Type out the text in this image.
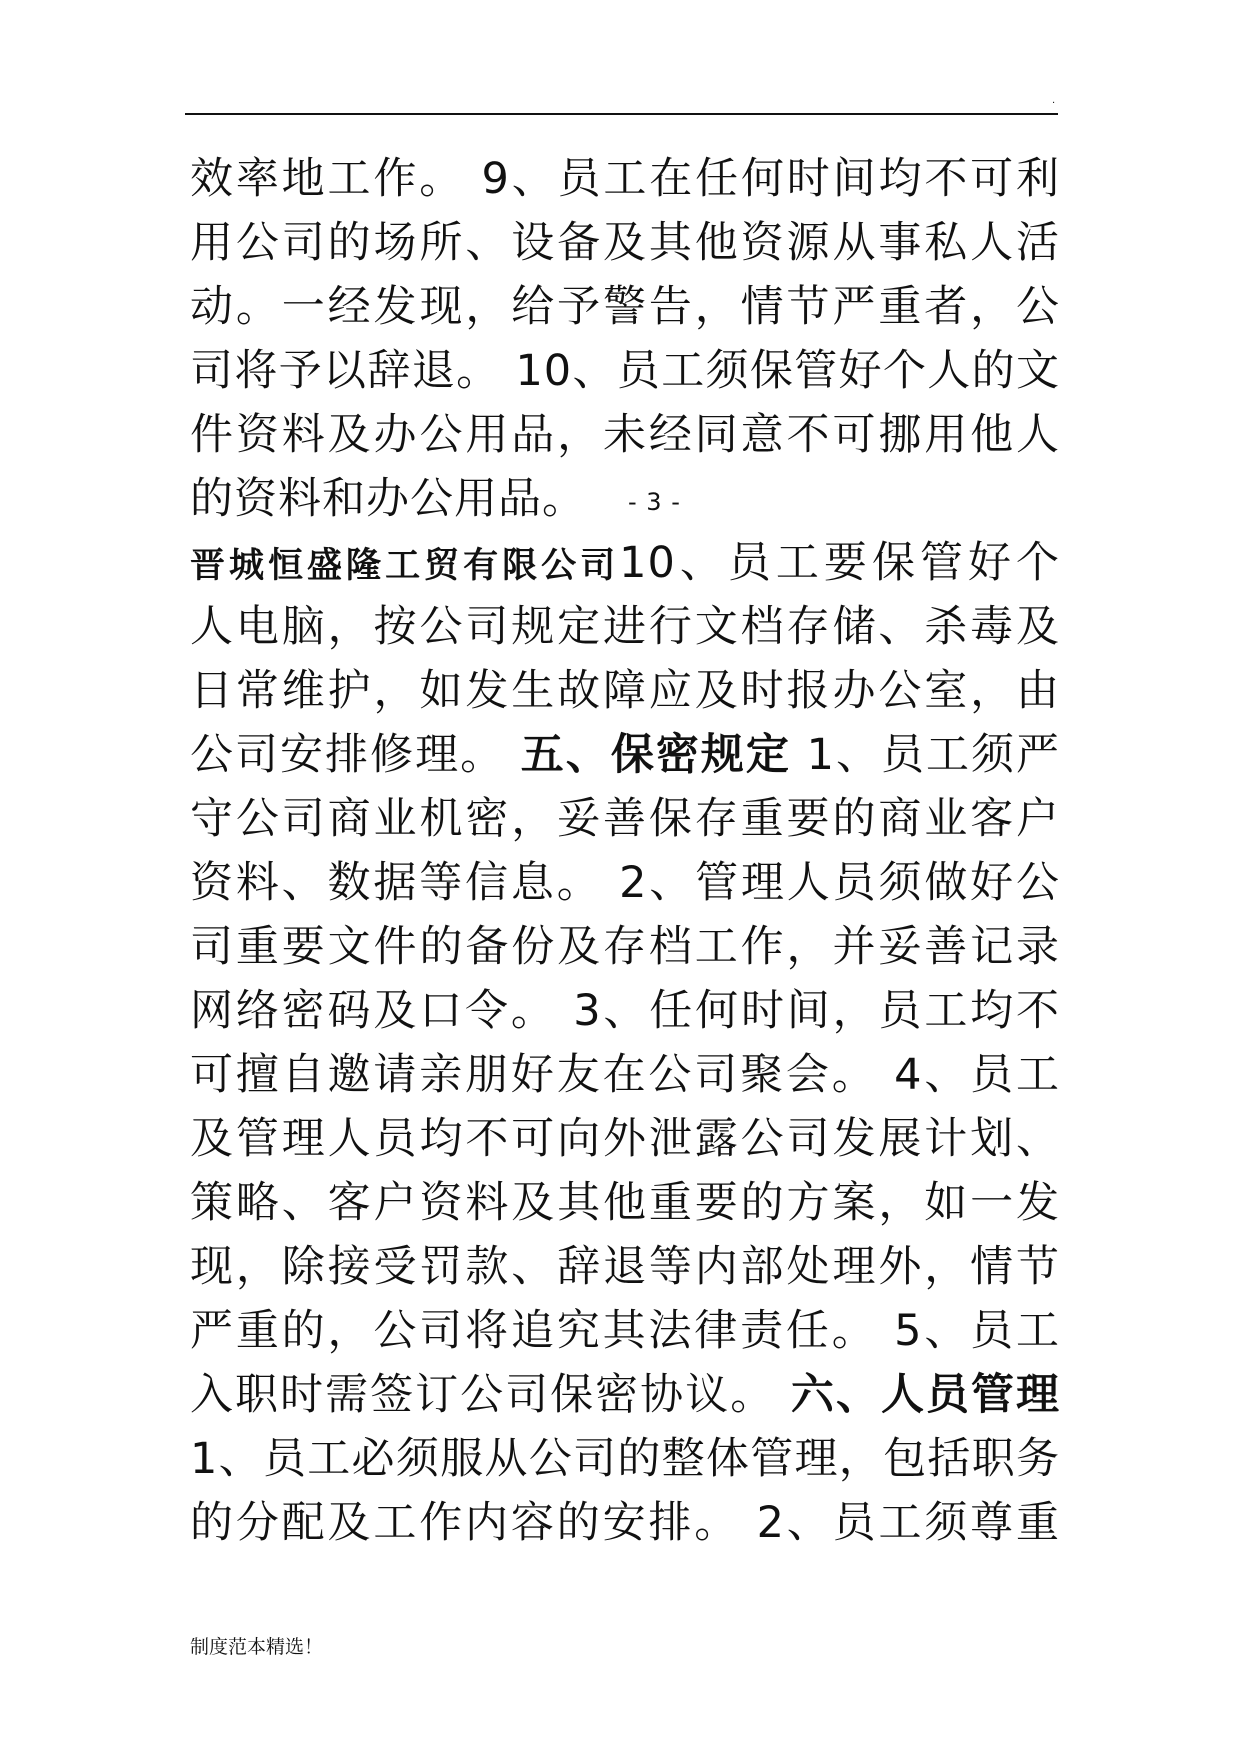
.
效率地工作。 9、员工在任何时间均不可利
用公司的场所、设备及其他资源从事私人活
动。一经发现，给予警告，情节严重者，公
司将予以辞退。 10、员工须保管好个人的文
件资料及办公用品，未经同意不可挪用他人
的资料和办公用品。 - 3 -
晋城恒盛隆工贸有限公司10、员工要保管好个
人电脑，按公司规定进行文档存储、杀毒及
日常维护，如发生故障应及时报办公室，由
公司安排修理。 五、保密规定 1、员工须严
守公司商业机密，妥善保存重要的商业客户
资料、数据等信息。 2、管理人员须做好公
司重要文件的备份及存档工作，并妥善记录
网络密码及口令。 3、任何时间，员工均不
可擅自邀请亲朋好友在公司聚会。 4、员工
及管理人员均不可向外泄露公司发展计划、
策略、客户资料及其他重要的方案，如一发
现，除接受罚款、辞退等内部处理外，情节
严重的，公司将追究其法律责任。 5、员工
入职时需签订公司保密协议。 六、人员管理
1、员工必须服从公司的整体管理，包括职务
的分配及工作内容的安排。 2、员工须尊重
制度范本精选！
